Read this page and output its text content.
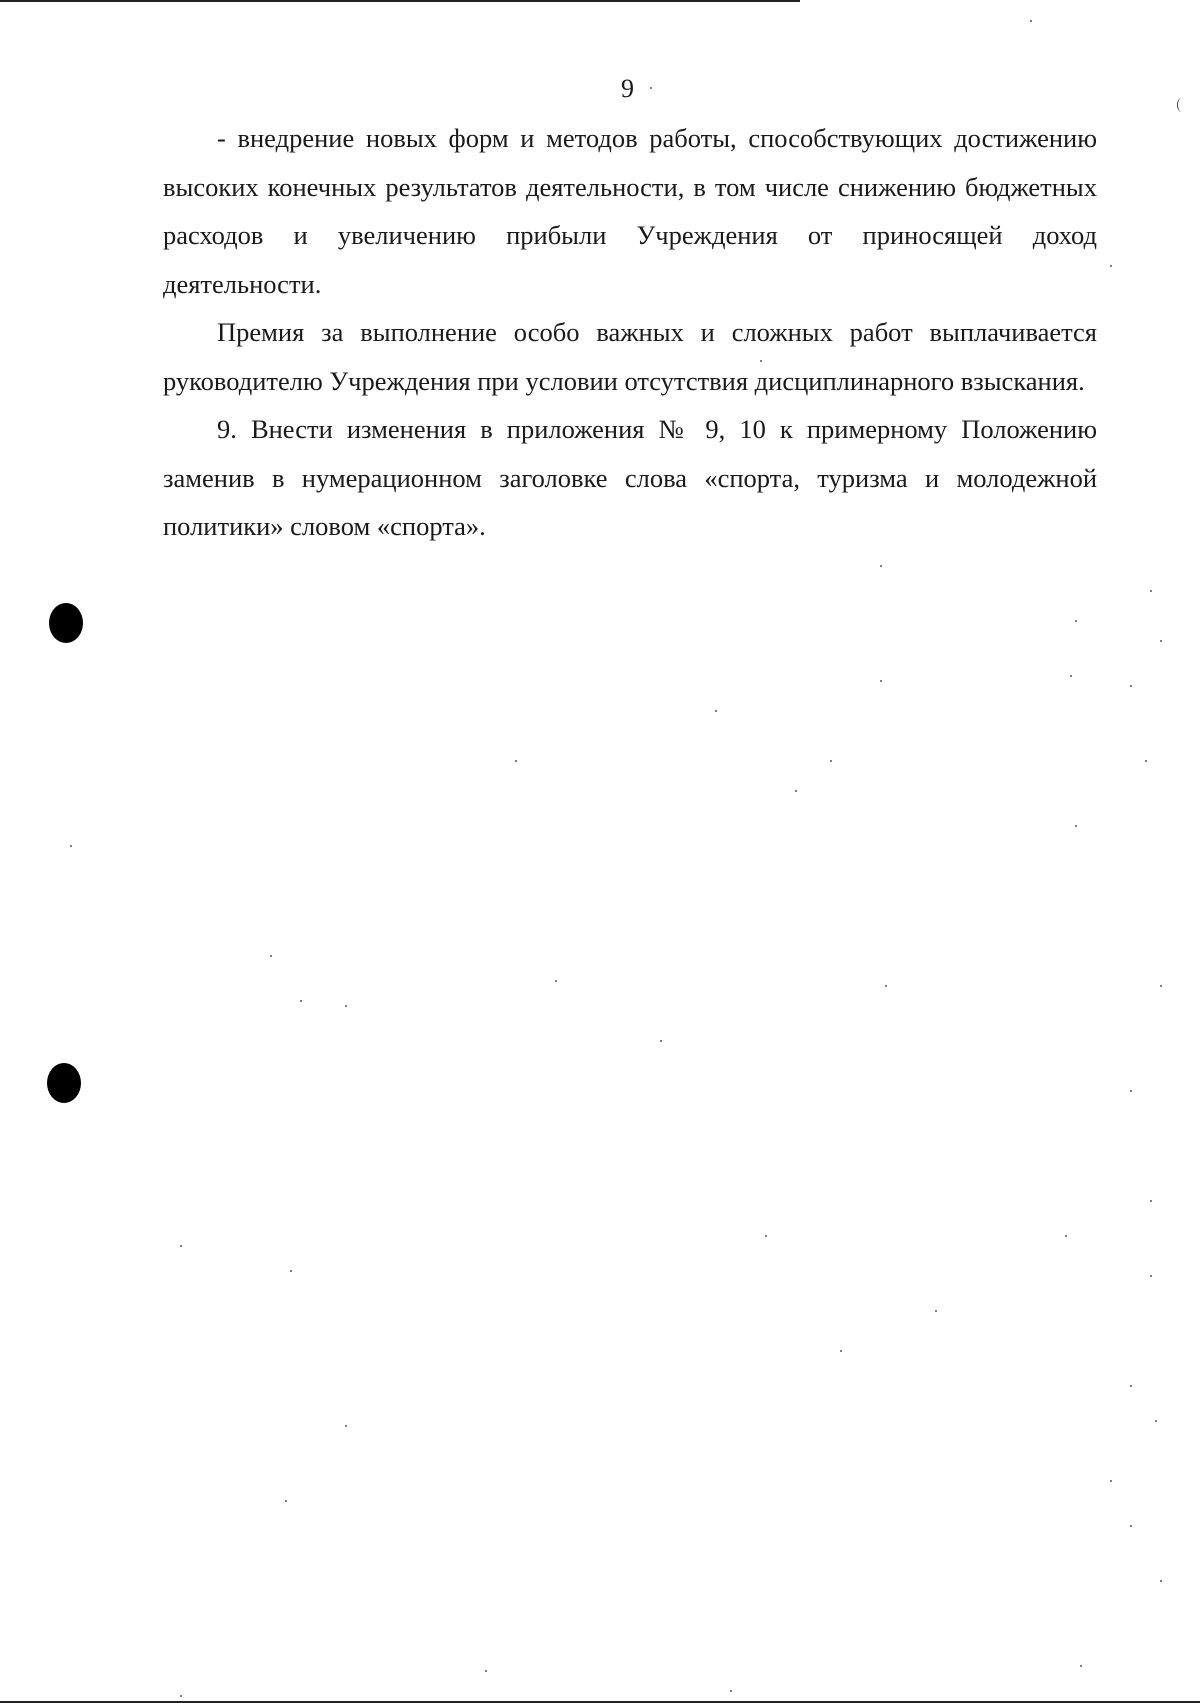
9

- внедрение новых форм и методов работы, способствующих достижению высоких конечных результатов деятельности, в том числе снижению бюджетных расходов и увеличению прибыли Учреждения от приносящей доход деятельности.

Премия за выполнение особо важных и сложных работ выплачивается руководителю Учреждения при условии отсутствия дисциплинарного взыскания.

9. Внести изменения в приложения № 9, 10 к примерному Положению заменив в нумерационном заголовке слова «спорта, туризма и молодежной политики» словом «спорта».
